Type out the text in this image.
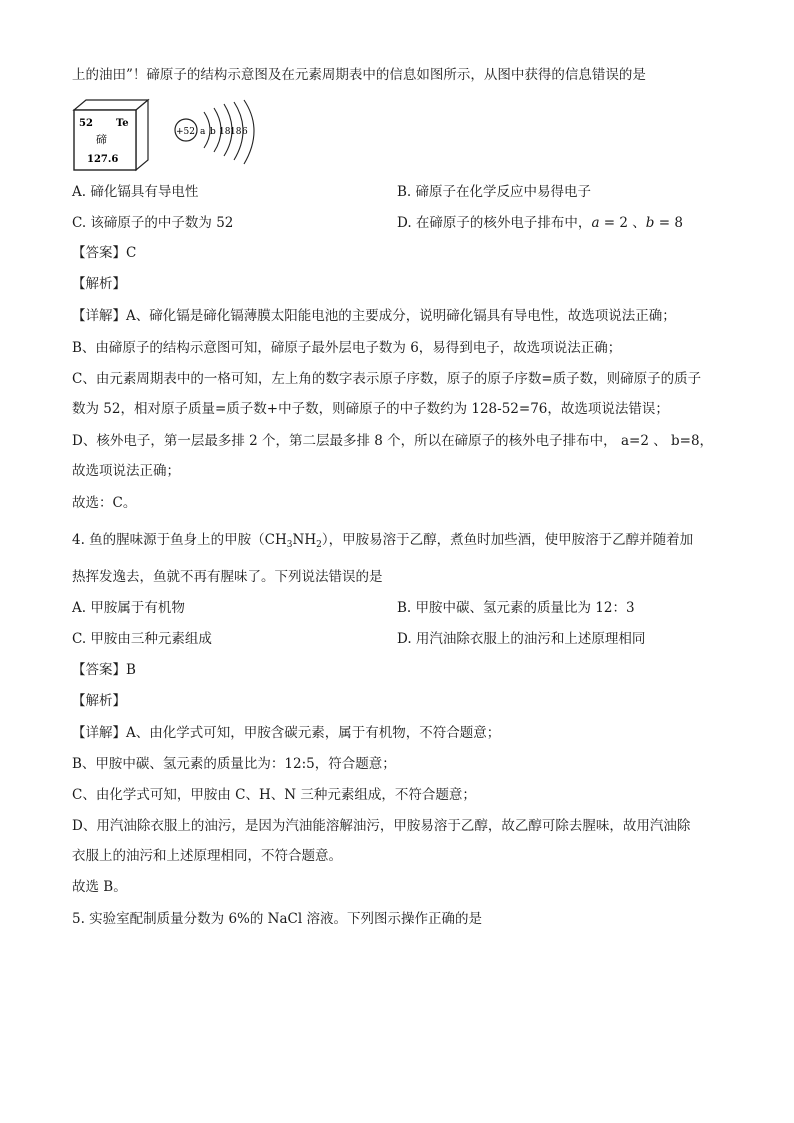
上的油田”！碲原子的结构示意图及在元素周期表中的信息如图所示，从图中获得的信息错误的是
52 Te
碲
127.6
+52 a b 18 18 6
A. 碲化镉具有导电性	B. 碲原子在化学反应中易得电子
C. 该碲原子的中子数为 52	D. 在碲原子的核外电子排布中，a = 2 、b = 8
【答案】C
【解析】
【详解】A、碲化镉是碲化镉薄膜太阳能电池的主要成分，说明碲化镉具有导电性，故选项说法正确；
B、由碲原子的结构示意图可知，碲原子最外层电子数为 6，易得到电子，故选项说法正确；
C、由元素周期表中的一格可知，左上角的数字表示原子序数，原子的原子序数=质子数，则碲原子的质子
数为 52，相对原子质量=质子数+中子数，则碲原子的中子数约为 128-52=76，故选项说法错误；
D、核外电子，第一层最多排 2 个，第二层最多排 8 个，所以在碲原子的核外电子排布中， a=2 、 b=8，
故选项说法正确；
故选：C。
4. 鱼的腥味源于鱼身上的甲胺$(CH_3NH_2)$，甲胺易溶于乙醇，煮鱼时加些酒，使甲胺溶于乙醇并随着加
热挥发逸去，鱼就不再有腥味了。下列说法错误的是
A. 甲胺属于有机物	B. 甲胺中碳、氢元素的质量比为 12：3
C. 甲胺由三种元素组成	D. 用汽油除衣服上的油污和上述原理相同
【答案】B
【解析】
【详解】A、由化学式可知，甲胺含碳元素，属于有机物，不符合题意；
B、甲胺中碳、氢元素的质量比为：12:5，符合题意；
C、由化学式可知，甲胺由 C、H、N 三种元素组成，不符合题意；
D、用汽油除衣服上的油污，是因为汽油能溶解油污，甲胺易溶于乙醇，故乙醇可除去腥味，故用汽油除
衣服上的油污和上述原理相同，不符合题意。
故选 B。
5. 实验室配制质量分数为 6%的 NaCl 溶液。下列图示操作正确的是
